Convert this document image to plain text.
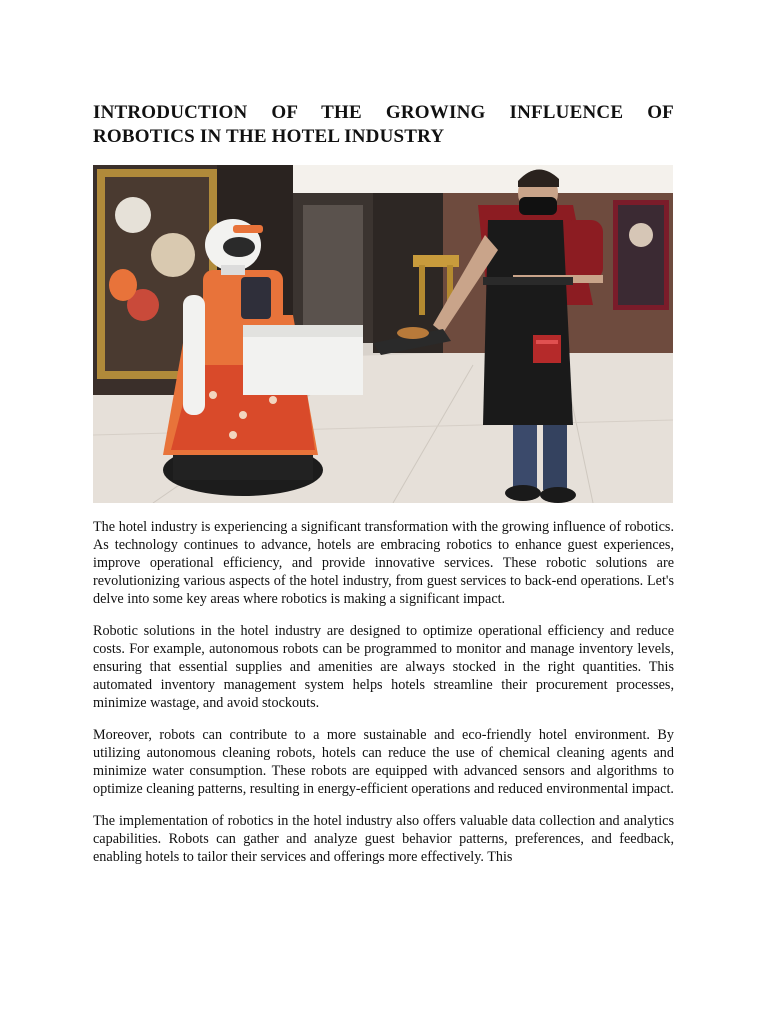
INTRODUCTION OF THE GROWING INFLUENCE OF ROBOTICS IN THE HOTEL INDUSTRY

The hotel industry is experiencing a significant transformation with the growing influence of robotics. As technology continues to advance, hotels are embracing robotics to enhance guest experiences, improve operational efficiency, and provide innovative services. These robotic solutions are revolutionizing various aspects of the hotel industry, from guest services to back-end operations. Let's delve into some key areas where robotics is making a significant impact.

Robotic solutions in the hotel industry are designed to optimize operational efficiency and reduce costs. For example, autonomous robots can be programmed to monitor and manage inventory levels, ensuring that essential supplies and amenities are always stocked in the right quantities. This automated inventory management system helps hotels streamline their procurement processes, minimize wastage, and avoid stockouts.

Moreover, robots can contribute to a more sustainable and eco-friendly hotel environment. By utilizing autonomous cleaning robots, hotels can reduce the use of chemical cleaning agents and minimize water consumption. These robots are equipped with advanced sensors and algorithms to optimize cleaning patterns, resulting in energy-efficient operations and reduced environmental impact.

The implementation of robotics in the hotel industry also offers valuable data collection and analytics capabilities. Robots can gather and analyze guest behavior patterns, preferences, and feedback, enabling hotels to tailor their services and offerings more effectively. This
